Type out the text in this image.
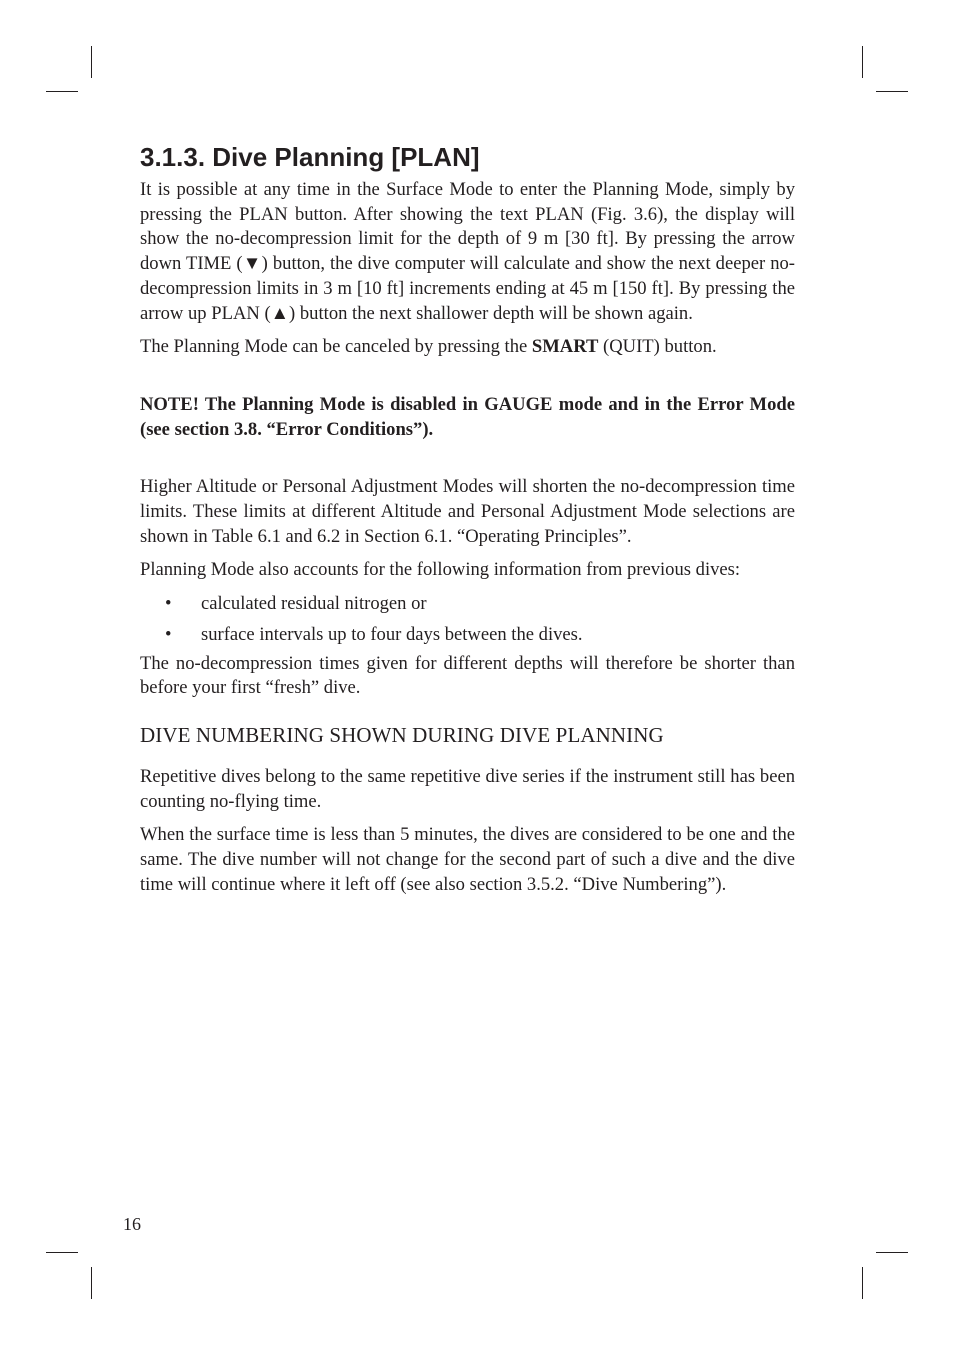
3.1.3. Dive Planning [PLAN]

It is possible at any time in the Surface Mode to enter the Planning Mode, simply by pressing the PLAN button. After showing the text PLAN (Fig. 3.6), the display will show the no-decompression limit for the depth of 9 m [30 ft]. By pressing the arrow down TIME (▼) button, the dive computer will calculate and show the next deeper no-decompression limits in 3 m [10 ft] increments ending at 45 m [150 ft]. By pressing the arrow up PLAN (▲) button the next shallower depth will be shown again.

The Planning Mode can be canceled by pressing the SMART (QUIT) button.

NOTE! The Planning Mode is disabled in GAUGE mode and in the Error Mode (see section 3.8. “Error Conditions”).

Higher Altitude or Personal Adjustment Modes will shorten the no-decompression time limits. These limits at different Altitude and Personal Adjustment Mode selections are shown in Table 6.1 and 6.2 in Section 6.1. “Operating Principles”.

Planning Mode also accounts for the following information from previous dives:

• calculated residual nitrogen or
• surface intervals up to four days between the dives.

The no-decompression times given for different depths will therefore be shorter than before your first “fresh” dive.

DIVE NUMBERING SHOWN DURING DIVE PLANNING

Repetitive dives belong to the same repetitive dive series if the instrument still has been counting no-flying time.

When the surface time is less than 5 minutes, the dives are considered to be one and the same. The dive number will not change for the second part of such a dive and the dive time will continue where it left off (see also section 3.5.2. “Dive Numbering”).

16
